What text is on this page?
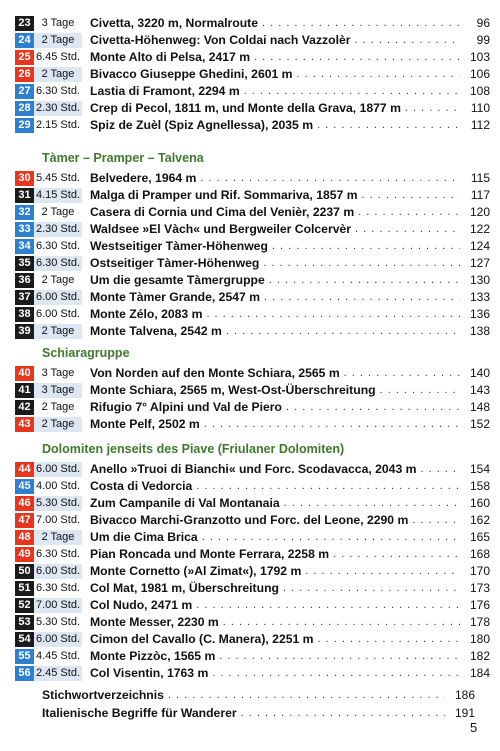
23 3 Tage	Civetta, 3220 m, Normalroute . . .	96
24 2 Tage	Civetta-Höhenweg: Von Coldai nach Vazzolèr . . .	99
25 6.45 Std. Monte Alto di Pelsa, 2417 m . . .	103
26 2 Tage	Bivacco Giuseppe Ghedini, 2601 m . . .	106
27 6.30 Std. Lastia di Framont, 2294 m . . .	108
28 2.30 Std. Crep di Pecol, 1811 m, und Monte della Grava, 1877 m . . .	110
29 2.15 Std. Spiz de Zuèl (Spiz Agnellessa), 2035 m . . .	112
Tàmer – Pramper – Talvena
30 5.45 Std. Belvedere, 1964 m . . .	115
31 4.15 Std. Malga di Pramper und Rif. Sommariva, 1857 m . . .	117
32 2 Tage	Casera di Cornia und Cima del Venièr, 2237 m . . .	120
33 2.30 Std. Waldsee »El Vàch« und Bergweiler Colcervèr . . .	122
34 6.30 Std. Westseitiger Tàmer-Höhenweg . . .	124
35 6.30 Std. Ostseitiger Tàmer-Höhenweg . . .	127
36 2 Tage	Um die gesamte Tàmergruppe . . .	130
37 6.00 Std. Monte Tàmer Grande, 2547 m . . .	133
38 6.00 Std. Monte Zélo, 2083 m . . .	136
39 2 Tage	Monte Talvena, 2542 m . . .	138
Schiaragruppe
40 3 Tage	Von Norden auf den Monte Schiara, 2565 m . . .	140
41 3 Tage	Monte Schiara, 2565 m, West-Ost-Überschreitung . . .	143
42 2 Tage	Rifugio 7° Alpini und Val de Piero . . .	148
43 2 Tage	Monte Pelf, 2502 m . . .	152
Dolomiten jenseits des Piave (Friulaner Dolomiten)
44 6.00 Std. Anello »Truoi di Bianchi« und Forc. Scodavacca, 2043 m . . .	154
45 4.00 Std. Costa di Vedorcia . . .	158
46 5.30 Std. Zum Campanile di Val Montanaia . . .	160
47 7.00 Std. Bivacco Marchi-Granzotto und Forc. del Leone, 2290 m . . .	162
48 2 Tage	Um die Cima Brica . . .	165
49 6.30 Std. Pian Roncada und Monte Ferrara, 2258 m . . .	168
50 6.00 Std. Monte Cornetto (»Al Zimat«), 1792 m . . .	170
51 6.30 Std. Col Mat, 1981 m, Überschreitung . . .	173
52 7.00 Std. Col Nudo, 2471 m . . .	176
53 5.30 Std. Monte Messer, 2230 m . . .	178
54 6.00 Std. Cimon del Cavallo (C. Manera), 2251 m . . .	180
55 4.45 Std. Monte Pizzòc, 1565 m . . .	182
56 2.45 Std. Col Visentin, 1763 m . . .	184
Stichwortverzeichnis . . .	186
Italienische Begriffe für Wanderer . . .	191
5
